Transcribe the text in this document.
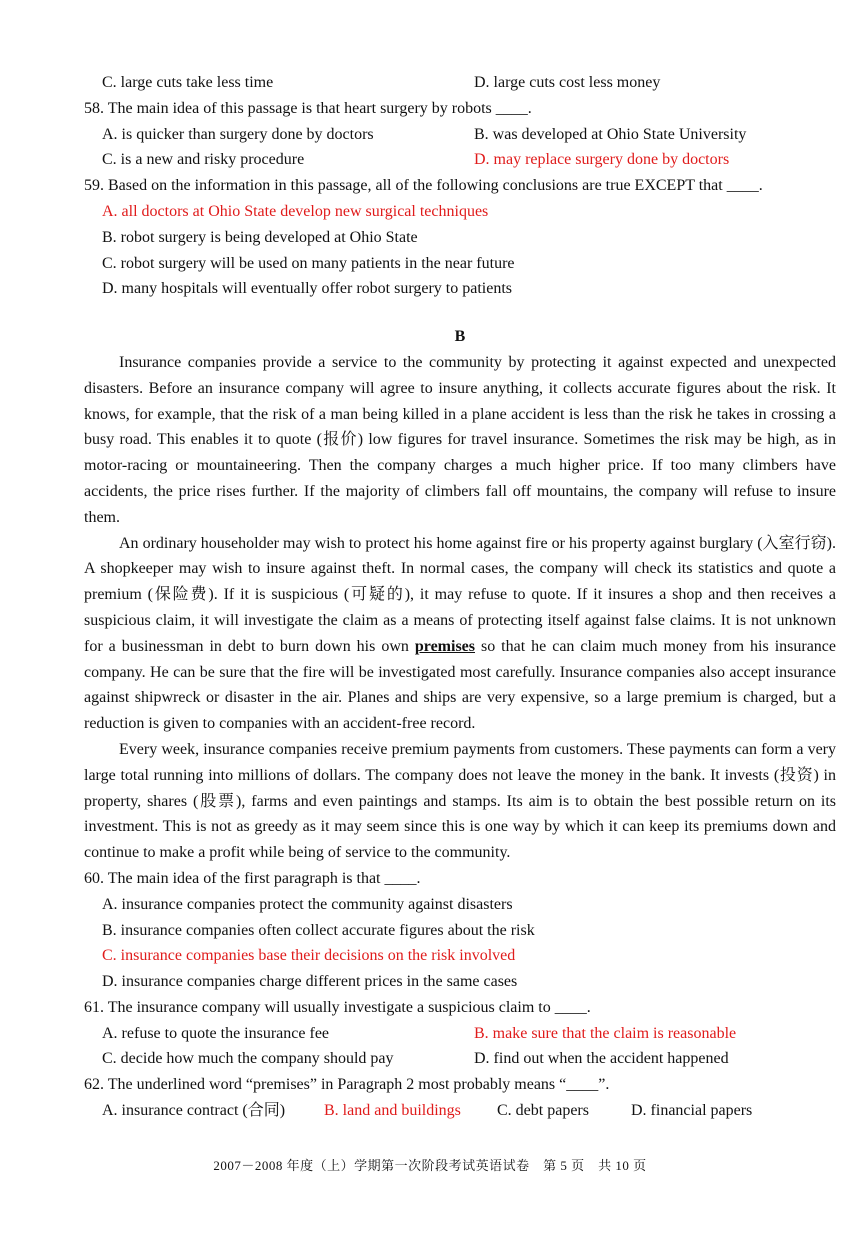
C. large cuts take less time	D. large cuts cost less money
58. The main idea of this passage is that heart surgery by robots ____.
A. is quicker than surgery done by doctors	B. was developed at Ohio State University
C. is a new and risky procedure	D. may replace surgery done by doctors
59. Based on the information in this passage, all of the following conclusions are true EXCEPT that ____.
A. all doctors at Ohio State develop new surgical techniques
B. robot surgery is being developed at Ohio State
C. robot surgery will be used on many patients in the near future
D. many hospitals will eventually offer robot surgery to patients
B

Insurance companies provide a service to the community by protecting it against expected and unexpected disasters. Before an insurance company will agree to insure anything, it collects accurate figures about the risk. It knows, for example, that the risk of a man being killed in a plane accident is less than the risk he takes in crossing a busy road. This enables it to quote (报价) low figures for travel insurance. Sometimes the risk may be high, as in motor-racing or mountaineering. Then the company charges a much higher price. If too many climbers have accidents, the price rises further. If the majority of climbers fall off mountains, the company will refuse to insure them.

An ordinary householder may wish to protect his home against fire or his property against burglary (入室行窃). A shopkeeper may wish to insure against theft. In normal cases, the company will check its statistics and quote a premium (保险费). If it is suspicious (可疑的), it may refuse to quote. If it insures a shop and then receives a suspicious claim, it will investigate the claim as a means of protecting itself against false claims. It is not unknown for a businessman in debt to burn down his own premises so that he can claim much money from his insurance company. He can be sure that the fire will be investigated most carefully. Insurance companies also accept insurance against shipwreck or disaster in the air. Planes and ships are very expensive, so a large premium is charged, but a reduction is given to companies with an accident-free record.

Every week, insurance companies receive premium payments from customers. These payments can form a very large total running into millions of dollars. The company does not leave the money in the bank. It invests (投资) in property, shares (股票), farms and even paintings and stamps. Its aim is to obtain the best possible return on its investment. This is not as greedy as it may seem since this is one way by which it can keep its premiums down and continue to make a profit while being of service to the community.

60. The main idea of the first paragraph is that ____.
A. insurance companies protect the community against disasters
B. insurance companies often collect accurate figures about the risk
C. insurance companies base their decisions on the risk involved
D. insurance companies charge different prices in the same cases
61. The insurance company will usually investigate a suspicious claim to ____.
A. refuse to quote the insurance fee	B. make sure that the claim is reasonable
C. decide how much the company should pay	D. find out when the accident happened
62. The underlined word “premises” in Paragraph 2 most probably means “____”.
A. insurance contract (合同) B. land and buildings C. debt papers	D. financial papers
2007－2008 年度（上）学期第一次阶段考试英语试卷　第 5 页　共 10 页
